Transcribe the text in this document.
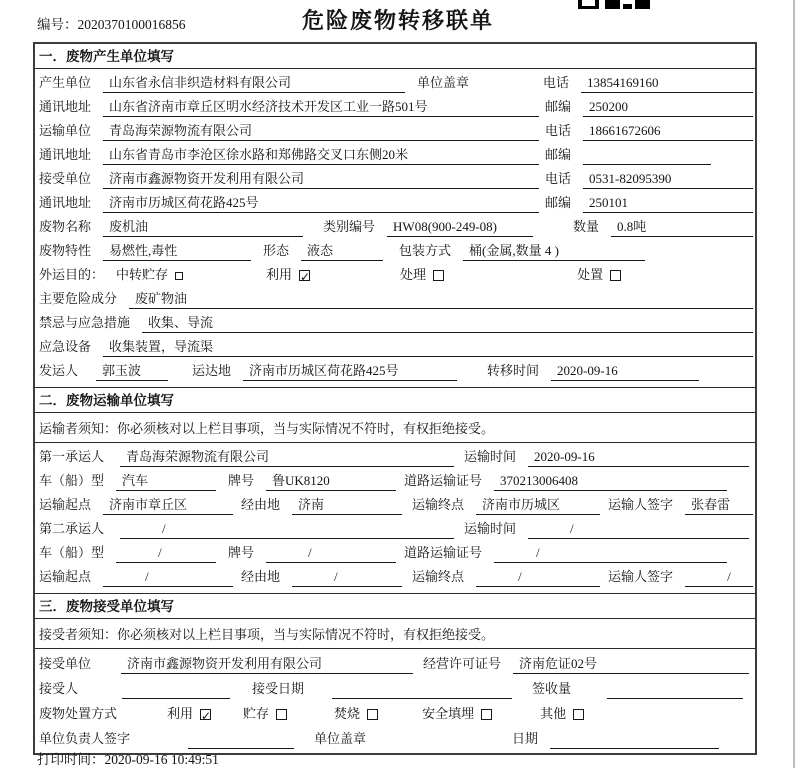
编号：2020370100016856	危险废物转移联单
一．废物产生单位填写
产生单位	山东省永信非织造材料有限公司	单位盖章	电话	13854169160
通讯地址	山东省济南市章丘区明水经济技术开发区工业一路501号	邮编	250200
运输单位	青岛海荣源物流有限公司	电话	18661672606
通讯地址	山东省青岛市李沧区徐水路和郑佛路交叉口东侧20米	邮编
接受单位	济南市鑫源物资开发利用有限公司	电话	0531-82095390
通讯地址	济南市历城区荷花路425号	邮编	250101
废物名称	废机油	类别编号	HW08(900-249-08)	数量	0.8吨
废物特性	易燃性,毒性	形态	液态	包装方式	桶(金属,数量 4 )
外运目的： 中转贮存	利用 ✓	处理	处置
主要危险成分	废矿物油
禁忌与应急措施	收集、导流
应急设备	收集装置，导流渠
发运人	郭玉波	运达地	济南市历城区荷花路425号	转移时间	2020-09-16
二．废物运输单位填写
运输者须知：你必须核对以上栏目事项，当与实际情况不符时，有权拒绝接受。
第一承运人	青岛海荣源物流有限公司	运输时间	2020-09-16
车（船）型	汽车	牌号	鲁UK8120	道路运输证号	370213006408
运输起点	济南市章丘区	经由地	济南	运输终点	济南市历城区	运输人签字	张春雷
第二承运人	/	运输时间	/
车（船）型	/	牌号	/	道路运输证号	/
运输起点	/	经由地	/	运输终点	/	运输人签字	/
三．废物接受单位填写
接受者须知：你必须核对以上栏目事项，当与实际情况不符时，有权拒绝接受。
接受单位	济南市鑫源物资开发利用有限公司	经营许可证号	济南危证02号
接受人	接受日期	签收量
废物处置方式	利用 ✓ 贮存	焚烧	安全填埋	其他
单位负责人签字	单位盖章	日期
打印时间：2020-09-16 10:49:51
